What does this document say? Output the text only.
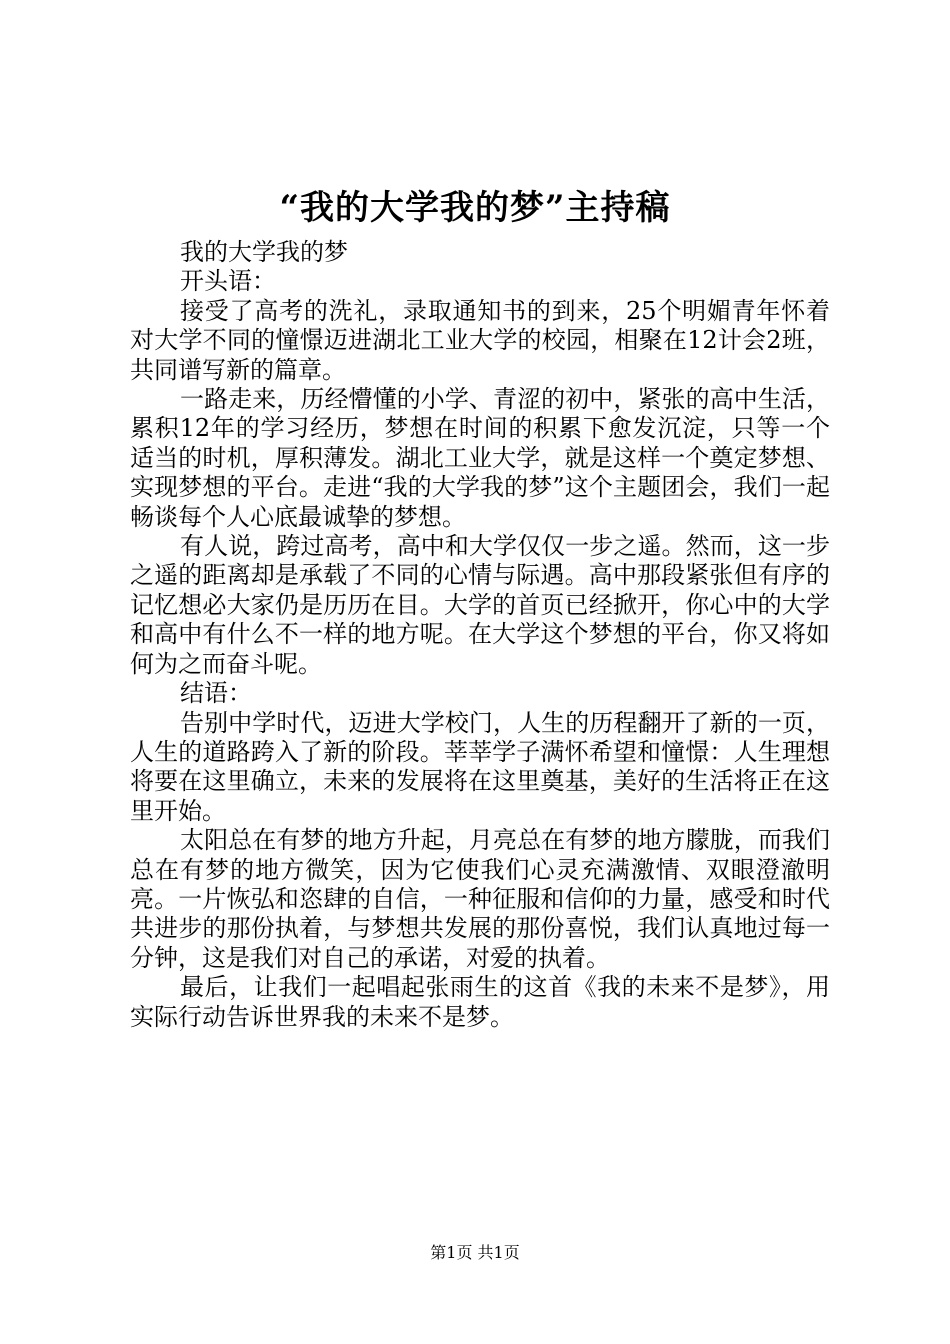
“我的大学我的梦”主持稿

我的大学我的梦

开头语：

接受了高考的洗礼，录取通知书的到来，25个明媚青年怀着对大学不同的憧憬迈进湖北工业大学的校园，相聚在12计会2班，共同谱写新的篇章。

一路走来，历经懵懂的小学、青涩的初中，紧张的高中生活，累积12年的学习经历，梦想在时间的积累下愈发沉淀，只等一个适当的时机，厚积薄发。湖北工业大学，就是这样一个奠定梦想、实现梦想的平台。走进“我的大学我的梦”这个主题团会，我们一起畅谈每个人心底最诚挚的梦想。

有人说，跨过高考，高中和大学仅仅一步之遥。然而，这一步之遥的距离却是承载了不同的心情与际遇。高中那段紧张但有序的记忆想必大家仍是历历在目。大学的首页已经掀开，你心中的大学和高中有什么不一样的地方呢。在大学这个梦想的平台，你又将如何为之而奋斗呢。

结语：

告别中学时代，迈进大学校门，人生的历程翻开了新的一页，人生的道路跨入了新的阶段。莘莘学子满怀希望和憧憬：人生理想将要在这里确立，未来的发展将在这里奠基，美好的生活将正在这里开始。

太阳总在有梦的地方升起，月亮总在有梦的地方朦胧，而我们总在有梦的地方微笑，因为它使我们心灵充满激情、双眼澄澈明亮。一片恢弘和恣肆的自信，一种征服和信仰的力量，感受和时代共进步的那份执着，与梦想共发展的那份喜悦，我们认真地过每一分钟，这是我们对自己的承诺，对爱的执着。

最后，让我们一起唱起张雨生的这首《我的未来不是梦》，用实际行动告诉世界我的未来不是梦。

第1页 共1页
